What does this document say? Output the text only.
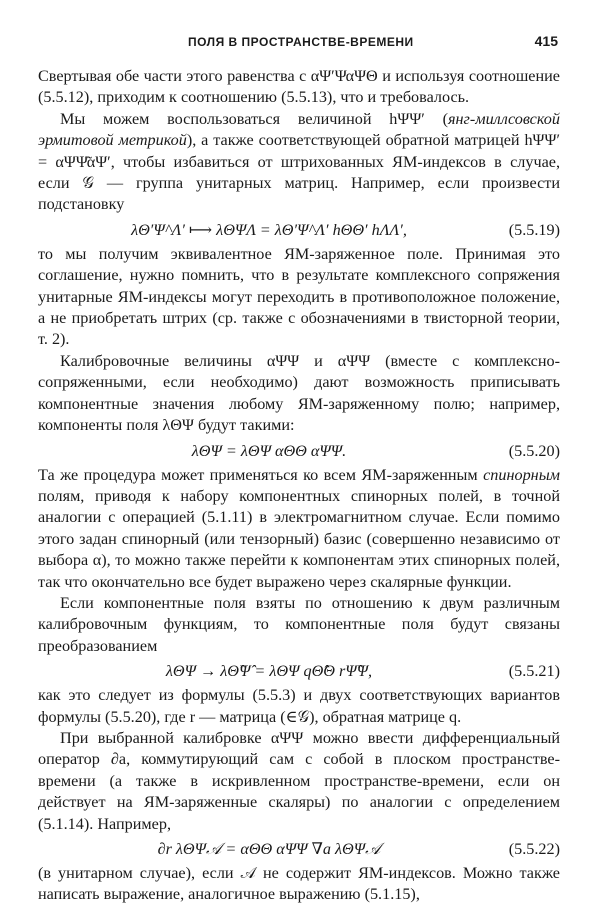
ПОЛЯ В ПРОСТРАНСТВЕ-ВРЕМЕНИ	415

Свертывая обе части этого равенства с αΨ′ΨαΨΘ и используя соотношение (5.5.12), приходим к соотношению (5.5.13), что и требовалось.

Мы можем воспользоваться величиной hΨΨ′ (янг-миллсовской эрмитовой метрикой), а также соответствующей обратной матрицей hΨΨ′ = αΨΨ̃αΨ′, чтобы избавиться от штрихованных ЯМ-индексов в случае, если 𝒢 — группа унитарных матриц. Например, если произвести подстановку

λΘ′Ψ^Λ′ ⟼ λΘΨΛ = λΘ′Ψ^Λ′ hΘΘ′ hΛΛ′,	(5.5.19)

то мы получим эквивалентное ЯМ-заряженное поле. Принимая это соглашение, нужно помнить, что в результате комплексного сопряжения унитарные ЯМ-индексы могут переходить в противоположное положение, а не приобретать штрих (ср. также с обозначениями в твисторной теории, т. 2).

Калибровочные величины αΨΨ и αΨΨ (вместе с комплексно-сопряженными, если необходимо) дают возможность приписывать компонентные значения любому ЯМ-заряженному полю; например, компоненты поля λΘΨ будут такими:

λΘΨ = λΘΨ αΘΘ αΨΨ.	(5.5.20)

Та же процедура может применяться ко всем ЯМ-заряженным спинорным полям, приводя к набору компонентных спинорных полей, в точной аналогии с операцией (5.1.11) в электромагнитном случае. Если помимо этого задан спинорный (или тензорный) базис (совершенно независимо от выбора α), то можно также перейти к компонентам этих спинорных полей, так что окончательно все будет выражено через скалярные функции.

Если компонентные поля взяты по отношению к двум различным калибровочным функциям, то компонентные поля будут связаны преобразованием

λΘΨ → λΘ̂Ψ̂ = λΘΨ qΘ̂Θ rΨ̂Ψ,	(5.5.21)

как это следует из формулы (5.5.3) и двух соответствующих вариантов формулы (5.5.20), где r — матрица (∈𝒢), обратная матрице q.

При выбранной калибровке αΨΨ можно ввести дифференциальный оператор ∂a, коммутирующий сам с собой в плоском пространстве-времени (а также в искривленном пространстве-времени, если он действует на ЯМ-заряженные скаляры) по аналогии с определением (5.1.14). Например,

∂r λΘΨ𝒜 = αΘΘ αΨΨ ∇a λΘΨ𝒜	(5.5.22)

(в унитарном случае), если 𝒜 не содержит ЯМ-индексов. Можно также написать выражение, аналогичное выражению (5.1.15),
